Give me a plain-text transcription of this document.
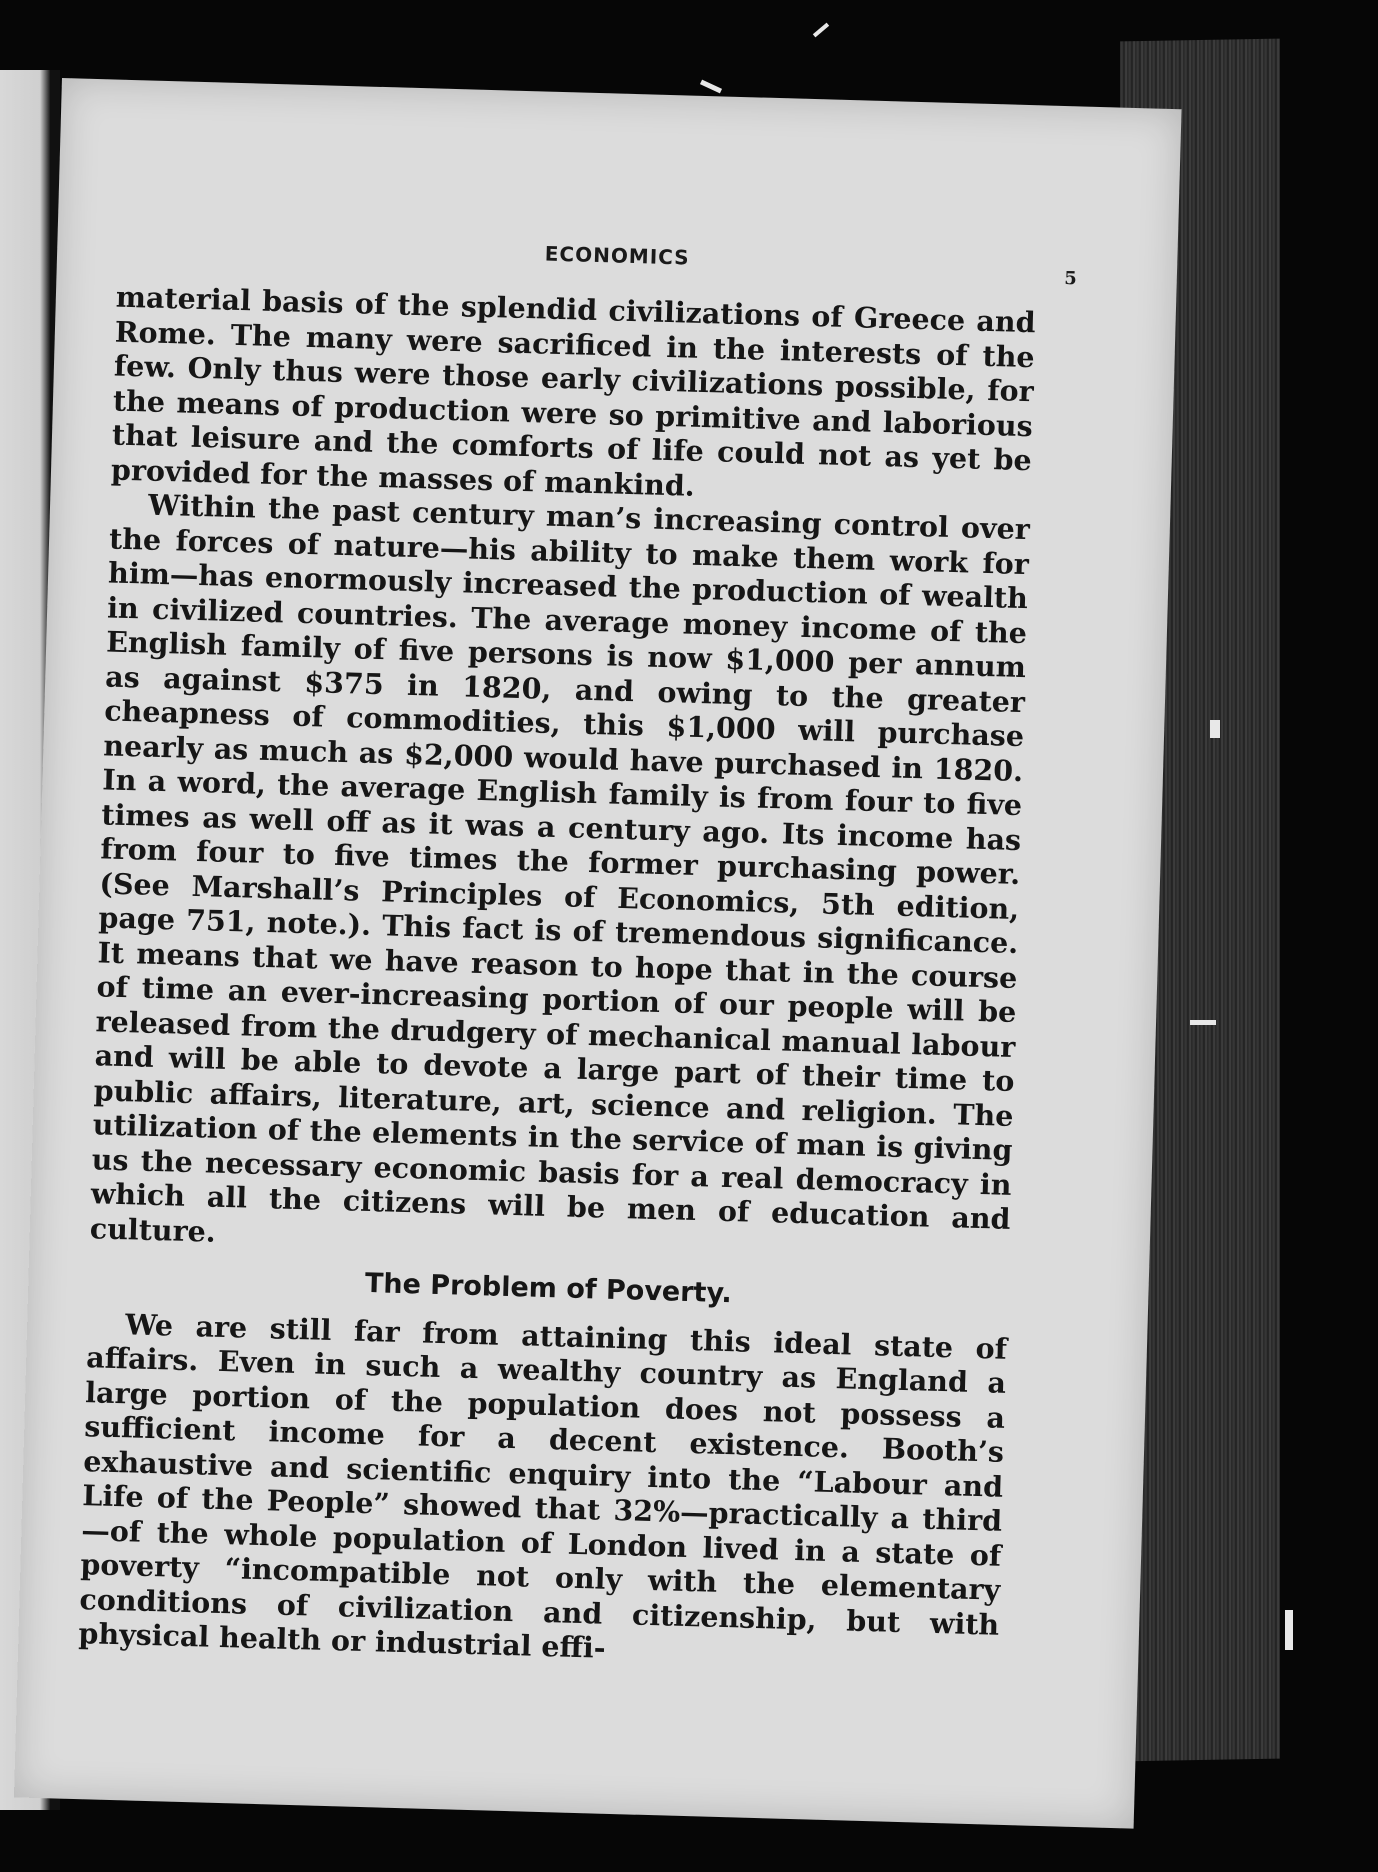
ECONOMICS
5

material basis of the splendid civilizations of Greece and Rome. The many were sacrificed in the interests of the few. Only thus were those early civilizations possible, for the means of production were so primitive and laborious that leisure and the comforts of life could not as yet be provided for the masses of mankind.

Within the past century man’s increasing control over the forces of nature—his ability to make them work for him—has enormously increased the production of wealth in civilized countries. The average money income of the English family of five persons is now $1,000 per annum as against $375 in 1820, and owing to the greater cheapness of commodities, this $1,000 will purchase nearly as much as $2,000 would have purchased in 1820. In a word, the average English family is from four to five times as well off as it was a century ago. Its income has from four to five times the former purchasing power. (See Marshall’s Principles of Economics, 5th edition, page 751, note.). This fact is of tremendous significance. It means that we have reason to hope that in the course of time an ever-increasing portion of our people will be released from the drudgery of mechanical manual labour and will be able to devote a large part of their time to public affairs, literature, art, science and religion. The utilization of the elements in the service of man is giving us the necessary economic basis for a real democracy in which all the citizens will be men of education and culture.

The Problem of Poverty.

We are still far from attaining this ideal state of affairs. Even in such a wealthy country as England a large portion of the population does not possess a sufficient income for a decent existence. Booth’s exhaustive and scientific enquiry into the “Labour and Life of the People” showed that 32%—practically a third—of the whole population of London lived in a state of poverty “incompatible not only with the elementary conditions of civilization and citizenship, but with physical health or industrial effi-
